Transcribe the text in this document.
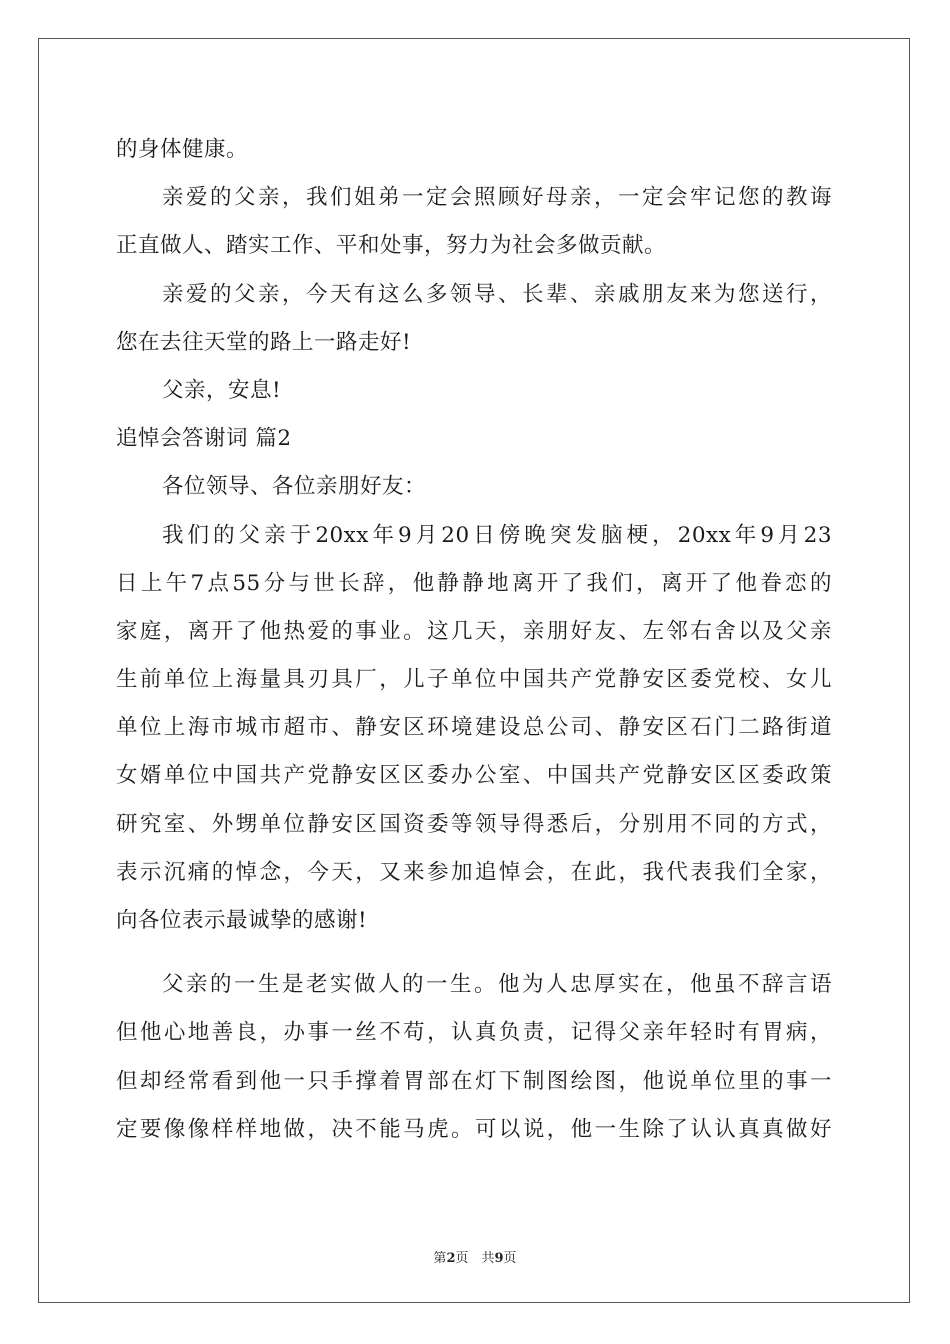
的身体健康。
亲爱的父亲，我们姐弟一定会照顾好母亲，一定会牢记您的教诲
正直做人、踏实工作、平和处事，努力为社会多做贡献。
亲爱的父亲，今天有这么多领导、长辈、亲戚朋友来为您送行，
您在去往天堂的路上一路走好!
父亲，安息!
追悼会答谢词 篇2
各位领导、各位亲朋好友：
我们的父亲于20xx年9月20日傍晚突发脑梗，20xx年9月23
日上午7点55分与世长辞，他静静地离开了我们，离开了他眷恋的
家庭，离开了他热爱的事业。这几天，亲朋好友、左邻右舍以及父亲
生前单位上海量具刃具厂，儿子单位中国共产党静安区委党校、女儿
单位上海市城市超市、静安区环境建设总公司、静安区石门二路街道
女婿单位中国共产党静安区区委办公室、中国共产党静安区区委政策
研究室、外甥单位静安区国资委等领导得悉后，分别用不同的方式，
表示沉痛的悼念，今天，又来参加追悼会，在此，我代表我们全家，
向各位表示最诚挚的感谢!
父亲的一生是老实做人的一生。他为人忠厚实在，他虽不辞言语
但他心地善良，办事一丝不苟，认真负责，记得父亲年轻时有胃病，
但却经常看到他一只手撑着胃部在灯下制图绘图，他说单位里的事一
定要像像样样地做，决不能马虎。可以说，他一生除了认认真真做好
第2页　共9页
